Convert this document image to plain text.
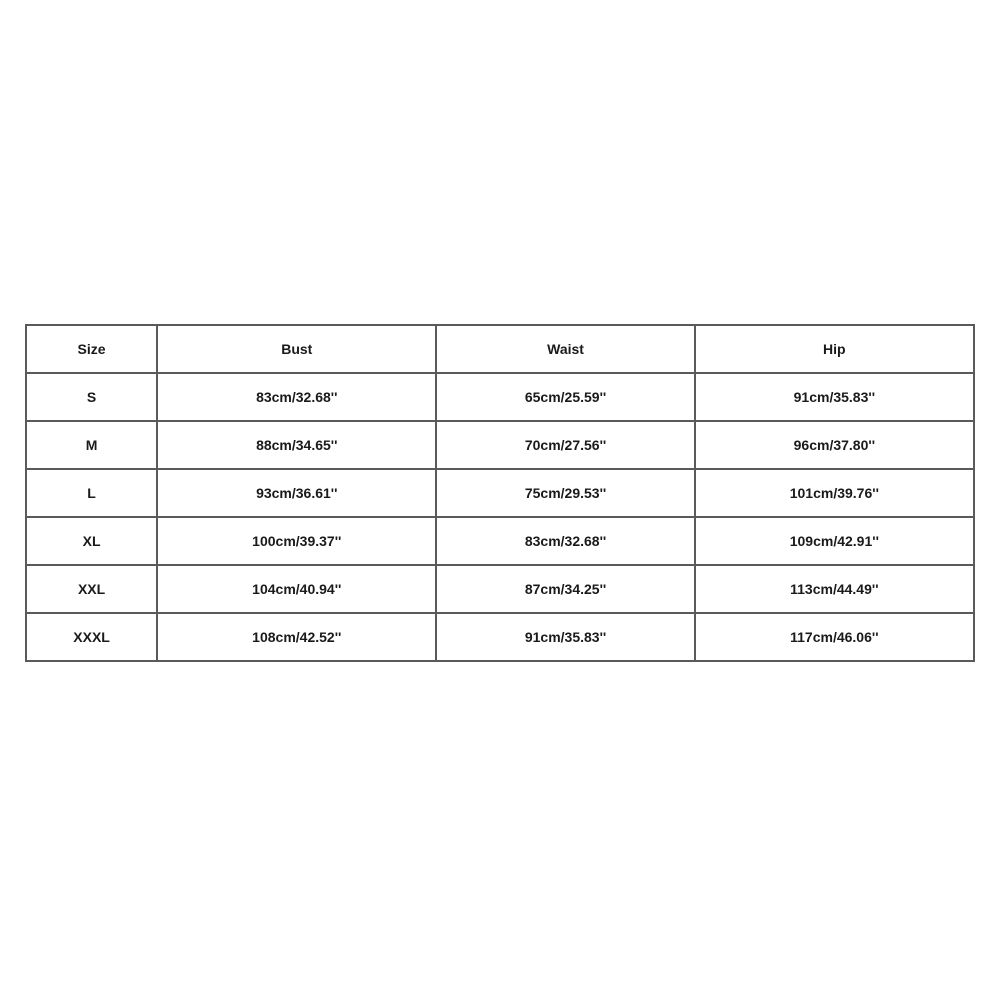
Size	Bust	Waist	Hip
S	83cm/32.68''	65cm/25.59''	91cm/35.83''
M	88cm/34.65''	70cm/27.56''	96cm/37.80''
L	93cm/36.61''	75cm/29.53''	101cm/39.76''
XL	100cm/39.37''	83cm/32.68''	109cm/42.91''
XXL	104cm/40.94''	87cm/34.25''	113cm/44.49''
XXXL	108cm/42.52''	91cm/35.83''	117cm/46.06''
